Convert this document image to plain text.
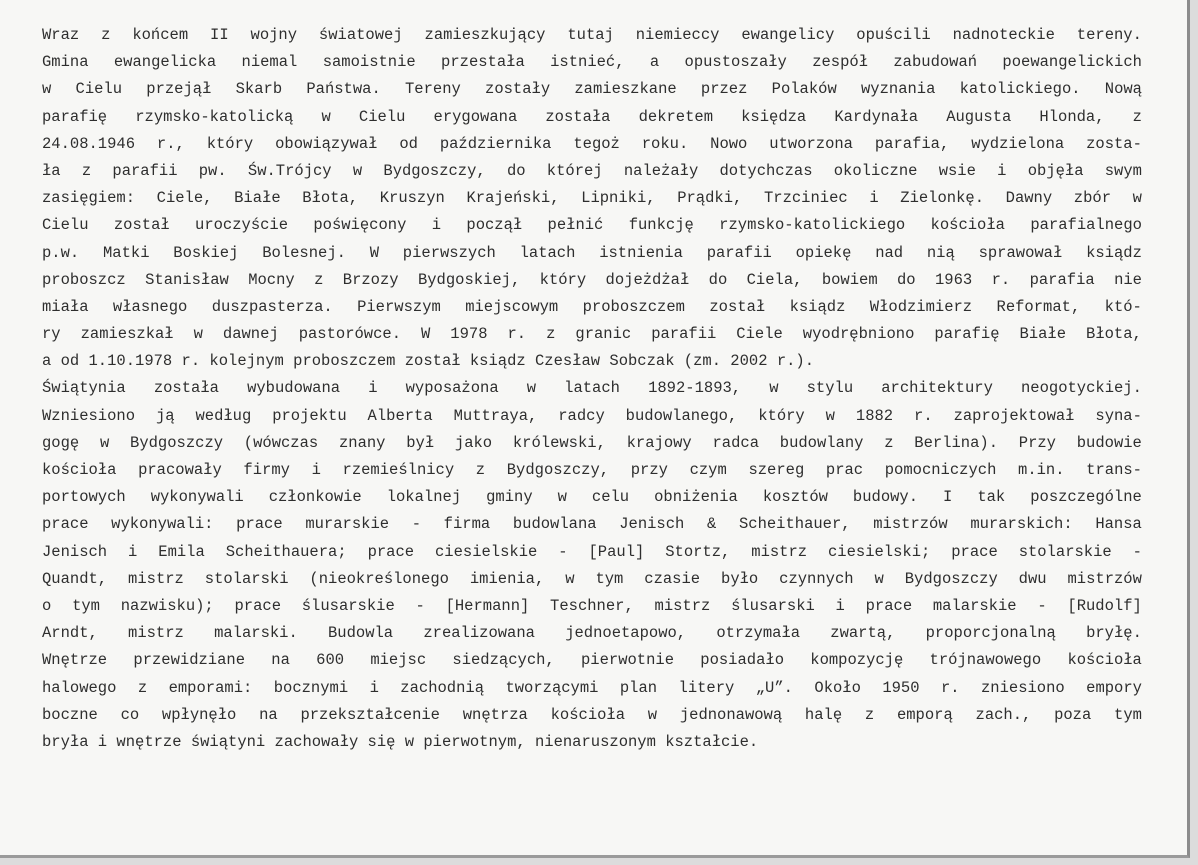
Wraz z końcem II wojny światowej zamieszkujący tutaj niemieccy ewangelicy opuścili nadnoteckie tereny.
Gmina ewangelicka niemal samoistnie przestała istnieć, a opustoszały zespół zabudowań poewangelickich
w Cielu przejął Skarb Państwa. Tereny zostały zamieszkane przez Polaków wyznania katolickiego. Nową
parafię rzymsko-katolicką w Cielu erygowana została dekretem księdza Kardynała Augusta Hlonda, z
24.08.1946 r., który obowiązywał od października tegoż roku. Nowo utworzona parafia, wydzielona zosta-
ła z parafii pw. Św.Trójcy w Bydgoszczy, do której należały dotychczas okoliczne wsie i objęła swym
zasięgiem: Ciele, Białe Błota, Kruszyn Krajeński, Lipniki, Prądki, Trzciniec i Zielonkę. Dawny zbór w
Cielu został uroczyście poświęcony i począł pełnić funkcję rzymsko-katolickiego kościoła parafialnego
p.w. Matki Boskiej Bolesnej. W pierwszych latach istnienia parafii opiekę nad nią sprawował ksiądz
proboszcz Stanisław Mocny z Brzozy Bydgoskiej, który dojeżdżał do Ciela, bowiem do 1963 r. parafia nie
miała własnego duszpasterza. Pierwszym miejscowym proboszczem został ksiądz Włodzimierz Reformat, któ-
ry zamieszkał w dawnej pastorówce. W 1978 r. z granic parafii Ciele wyodrębniono parafię Białe Błota,
a od 1.10.1978 r. kolejnym proboszczem został ksiądz Czesław Sobczak (zm. 2002 r.).
Świątynia została wybudowana i wyposażona w latach 1892-1893, w stylu architektury neogotyckiej.
Wzniesiono ją według projektu Alberta Muttraya, radcy budowlanego, który w 1882 r. zaprojektował syna-
gogę w Bydgoszczy (wówczas znany był jako królewski, krajowy radca budowlany z Berlina). Przy budowie
kościoła pracowały firmy i rzemieślnicy z Bydgoszczy, przy czym szereg prac pomocniczych m.in. trans-
portowych wykonywali członkowie lokalnej gminy w celu obniżenia kosztów budowy. I tak poszczególne
prace wykonywali: prace murarskie - firma budowlana Jenisch & Scheithauer, mistrzów murarskich: Hansa
Jenisch i Emila Scheithauera; prace ciesielskie - [Paul] Stortz, mistrz ciesielski; prace stolarskie -
Quandt, mistrz stolarski (nieokreślonego imienia, w tym czasie było czynnych w Bydgoszczy dwu mistrzów
o tym nazwisku); prace ślusarskie - [Hermann] Teschner, mistrz ślusarski i prace malarskie - [Rudolf]
Arndt, mistrz malarski. Budowla zrealizowana jednoetapowo, otrzymała zwartą, proporcjonalną bryłę.
Wnętrze przewidziane na 600 miejsc siedzących, pierwotnie posiadało kompozycję trójnawowego kościoła
halowego z emporami: bocznymi i zachodnią tworzącymi plan litery „U”. Około 1950 r. zniesiono empory
boczne co wpłynęło na przekształcenie wnętrza kościoła w jednonawową halę z emporą zach., poza tym
bryła i wnętrze świątyni zachowały się w pierwotnym, nienaruszonym kształcie.
